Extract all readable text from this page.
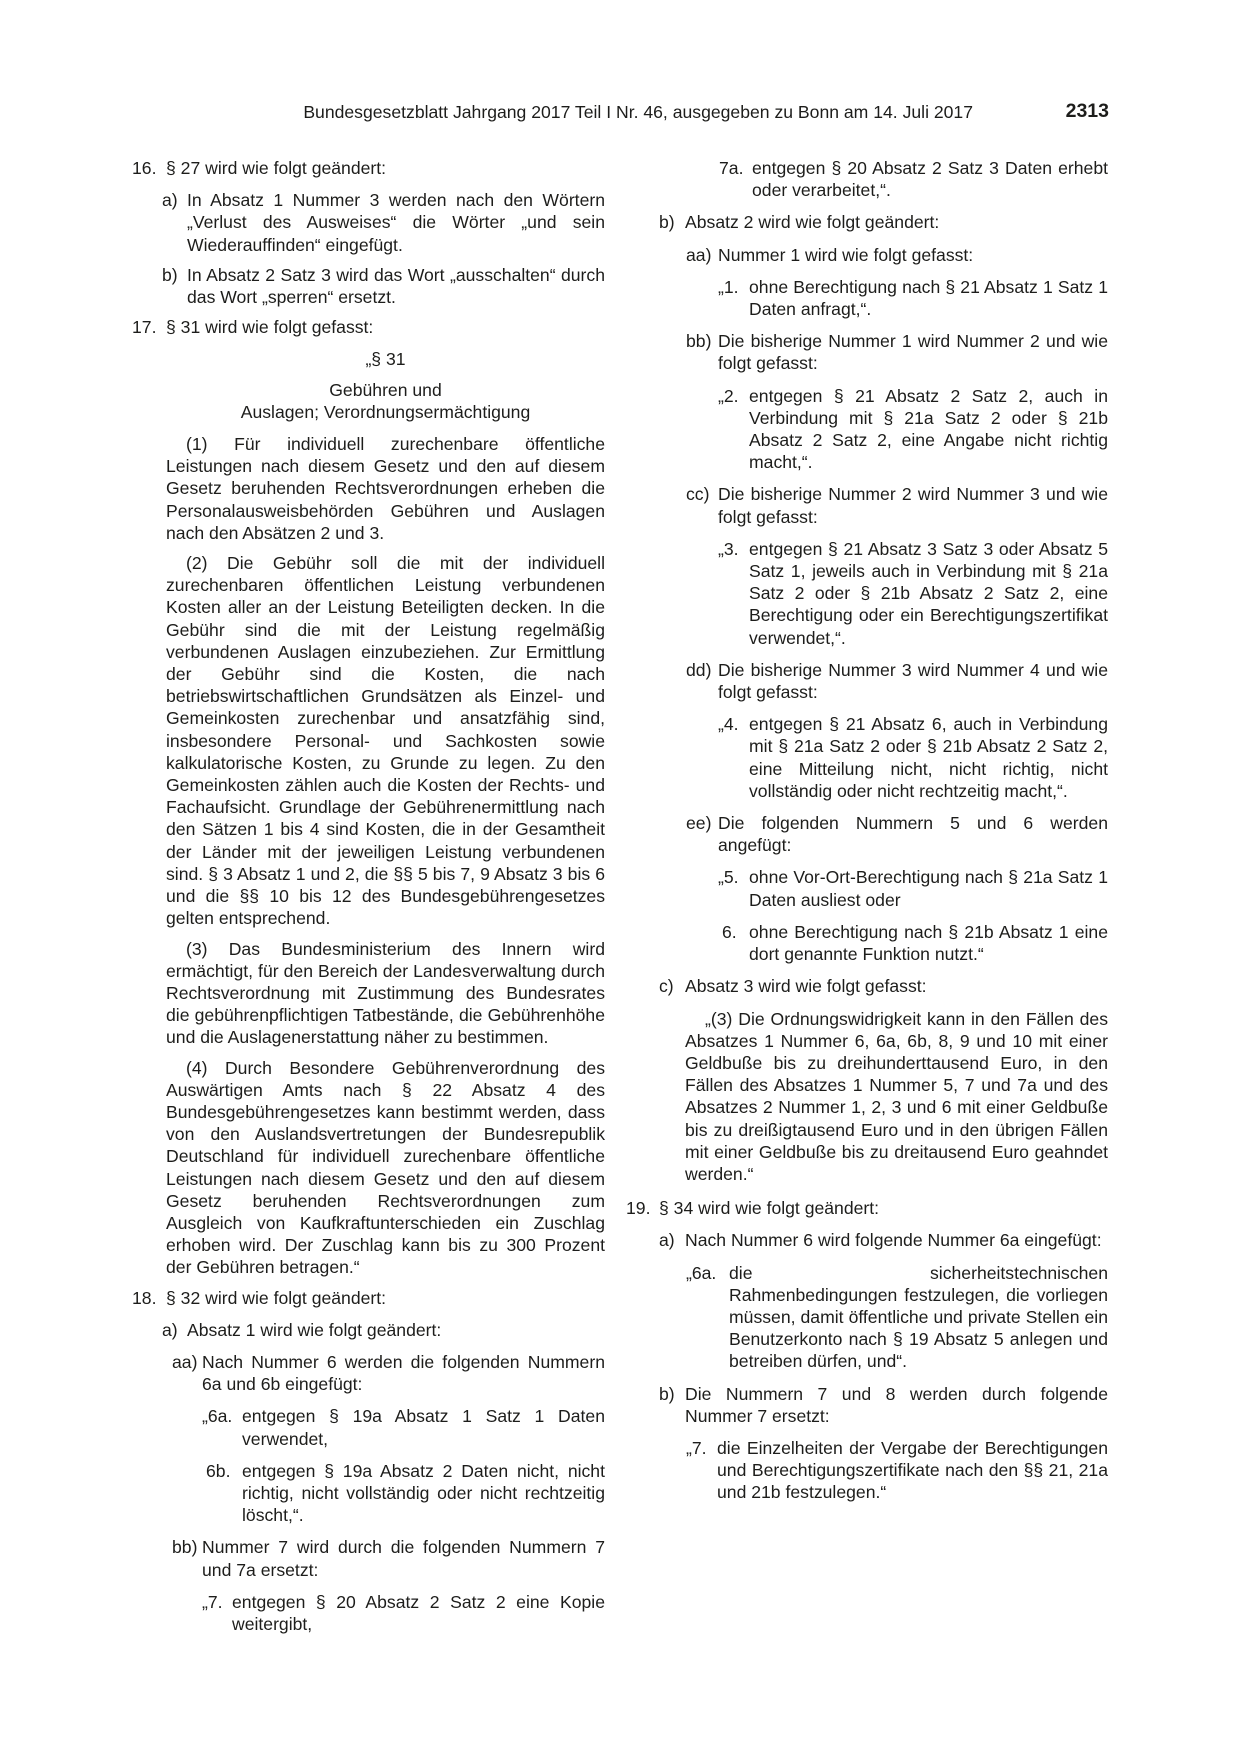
Bundesgesetzblatt Jahrgang 2017 Teil I Nr. 46, ausgegeben zu Bonn am 14. Juli 2017	2313
16. § 27 wird wie folgt geändert:

a) In Absatz 1 Nummer 3 werden nach den Wörtern „Verlust des Ausweises“ die Wörter „und sein Wiederauffinden“ eingefügt.

b) In Absatz 2 Satz 3 wird das Wort „ausschalten“ durch das Wort „sperren“ ersetzt.

17. § 31 wird wie folgt gefasst:

„§ 31

Gebühren und

Auslagen; Verordnungsermächtigung

(1) Für individuell zurechenbare öffentliche Leistungen nach diesem Gesetz und den auf diesem Gesetz beruhenden Rechtsverordnungen erheben die Personalausweisbehörden Gebühren und Auslagen nach den Absätzen 2 und 3.

(2) Die Gebühr soll die mit der individuell zurechenbaren öffentlichen Leistung verbundenen Kosten aller an der Leistung Beteiligten decken. In die Gebühr sind die mit der Leistung regelmäßig verbundenen Auslagen einzubeziehen. Zur Ermittlung der Gebühr sind die Kosten, die nach betriebswirtschaftlichen Grundsätzen als Einzel- und Gemeinkosten zurechenbar und ansatzfähig sind, insbesondere Personal- und Sachkosten sowie kalkulatorische Kosten, zu Grunde zu legen. Zu den Gemeinkosten zählen auch die Kosten der Rechts- und Fachaufsicht. Grundlage der Gebührenermittlung nach den Sätzen 1 bis 4 sind Kosten, die in der Gesamtheit der Länder mit der jeweiligen Leistung verbundenen sind. § 3 Absatz 1 und 2, die §§ 5 bis 7, 9 Absatz 3 bis 6 und die §§ 10 bis 12 des Bundesgebührengesetzes gelten entsprechend.

(3) Das Bundesministerium des Innern wird ermächtigt, für den Bereich der Landesverwaltung durch Rechtsverordnung mit Zustimmung des Bundesrates die gebührenpflichtigen Tatbestände, die Gebührenhöhe und die Auslagenerstattung näher zu bestimmen.

(4) Durch Besondere Gebührenverordnung des Auswärtigen Amts nach § 22 Absatz 4 des Bundesgebührengesetzes kann bestimmt werden, dass von den Auslandsvertretungen der Bundesrepublik Deutschland für individuell zurechenbare öffentliche Leistungen nach diesem Gesetz und den auf diesem Gesetz beruhenden Rechtsverordnungen zum Ausgleich von Kaufkraftunterschieden ein Zuschlag erhoben wird. Der Zuschlag kann bis zu 300 Prozent der Gebühren betragen.“

18. § 32 wird wie folgt geändert:

a) Absatz 1 wird wie folgt geändert:

aa) Nach Nummer 6 werden die folgenden Nummern 6a und 6b eingefügt:

„6a. entgegen § 19a Absatz 1 Satz 1 Daten verwendet,

6b. entgegen § 19a Absatz 2 Daten nicht, nicht richtig, nicht vollständig oder nicht rechtzeitig löscht,“.

bb) Nummer 7 wird durch die folgenden Nummern 7 und 7a ersetzt:

„7. entgegen § 20 Absatz 2 Satz 2 eine Kopie weitergibt,

7a. entgegen § 20 Absatz 2 Satz 3 Daten erhebt oder verarbeitet,“.

b) Absatz 2 wird wie folgt geändert:

aa) Nummer 1 wird wie folgt gefasst:

„1. ohne Berechtigung nach § 21 Absatz 1 Satz 1 Daten anfragt,“.

bb) Die bisherige Nummer 1 wird Nummer 2 und wie folgt gefasst:

„2. entgegen § 21 Absatz 2 Satz 2, auch in Verbindung mit § 21a Satz 2 oder § 21b Absatz 2 Satz 2, eine Angabe nicht richtig macht,“.

cc) Die bisherige Nummer 2 wird Nummer 3 und wie folgt gefasst:

„3. entgegen § 21 Absatz 3 Satz 3 oder Absatz 5 Satz 1, jeweils auch in Verbindung mit § 21a Satz 2 oder § 21b Absatz 2 Satz 2, eine Berechtigung oder ein Berechtigungszertifikat verwendet,“.

dd) Die bisherige Nummer 3 wird Nummer 4 und wie folgt gefasst:

„4. entgegen § 21 Absatz 6, auch in Verbindung mit § 21a Satz 2 oder § 21b Absatz 2 Satz 2, eine Mitteilung nicht, nicht richtig, nicht vollständig oder nicht rechtzeitig macht,“.

ee) Die folgenden Nummern 5 und 6 werden angefügt:

„5. ohne Vor-Ort-Berechtigung nach § 21a Satz 1 Daten ausliest oder

6. ohne Berechtigung nach § 21b Absatz 1 eine dort genannte Funktion nutzt.“

c) Absatz 3 wird wie folgt gefasst:

„(3) Die Ordnungswidrigkeit kann in den Fällen des Absatzes 1 Nummer 6, 6a, 6b, 8, 9 und 10 mit einer Geldbuße bis zu dreihunderttausend Euro, in den Fällen des Absatzes 1 Nummer 5, 7 und 7a und des Absatzes 2 Nummer 1, 2, 3 und 6 mit einer Geldbuße bis zu dreißigtausend Euro und in den übrigen Fällen mit einer Geldbuße bis zu dreitausend Euro geahndet werden.“

19. § 34 wird wie folgt geändert:

a) Nach Nummer 6 wird folgende Nummer 6a eingefügt:

„6a. die sicherheitstechnischen Rahmenbedingungen festzulegen, die vorliegen müssen, damit öffentliche und private Stellen ein Benutzerkonto nach § 19 Absatz 5 anlegen und betreiben dürfen, und“.

b) Die Nummern 7 und 8 werden durch folgende Nummer 7 ersetzt:

„7. die Einzelheiten der Vergabe der Berechtigungen und Berechtigungszertifikate nach den §§ 21, 21a und 21b festzulegen.“
